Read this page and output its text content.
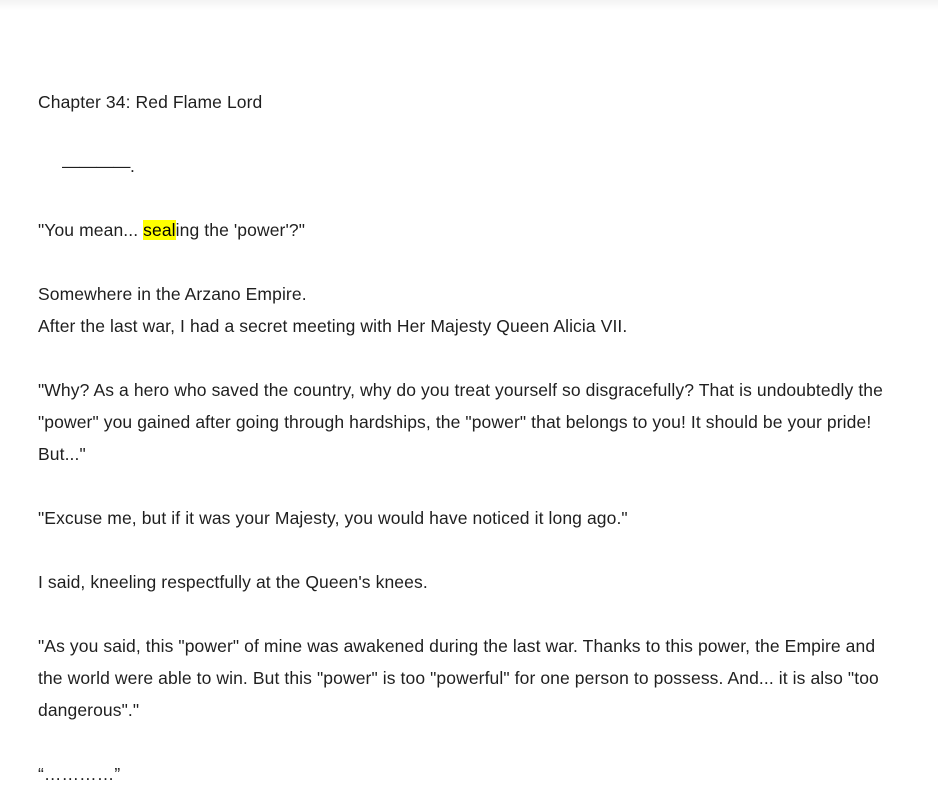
Chapter 34: Red Flame Lord

————.

"You mean... sealing the 'power'?"

Somewhere in the Arzano Empire.

After the last war, I had a secret meeting with Her Majesty Queen Alicia VII.

"Why? As a hero who saved the country, why do you treat yourself so disgracefully? That is undoubtedly the "power" you gained after going through hardships, the "power" that belongs to you! It should be your pride! But..."

"Excuse me, but if it was your Majesty, you would have noticed it long ago."

I said, kneeling respectfully at the Queen's knees.

"As you said, this "power" of mine was awakened during the last war. Thanks to this power, the Empire and the world were able to win. But this "power" is too "powerful" for one person to possess. And... it is also "too dangerous"."

“…………”
